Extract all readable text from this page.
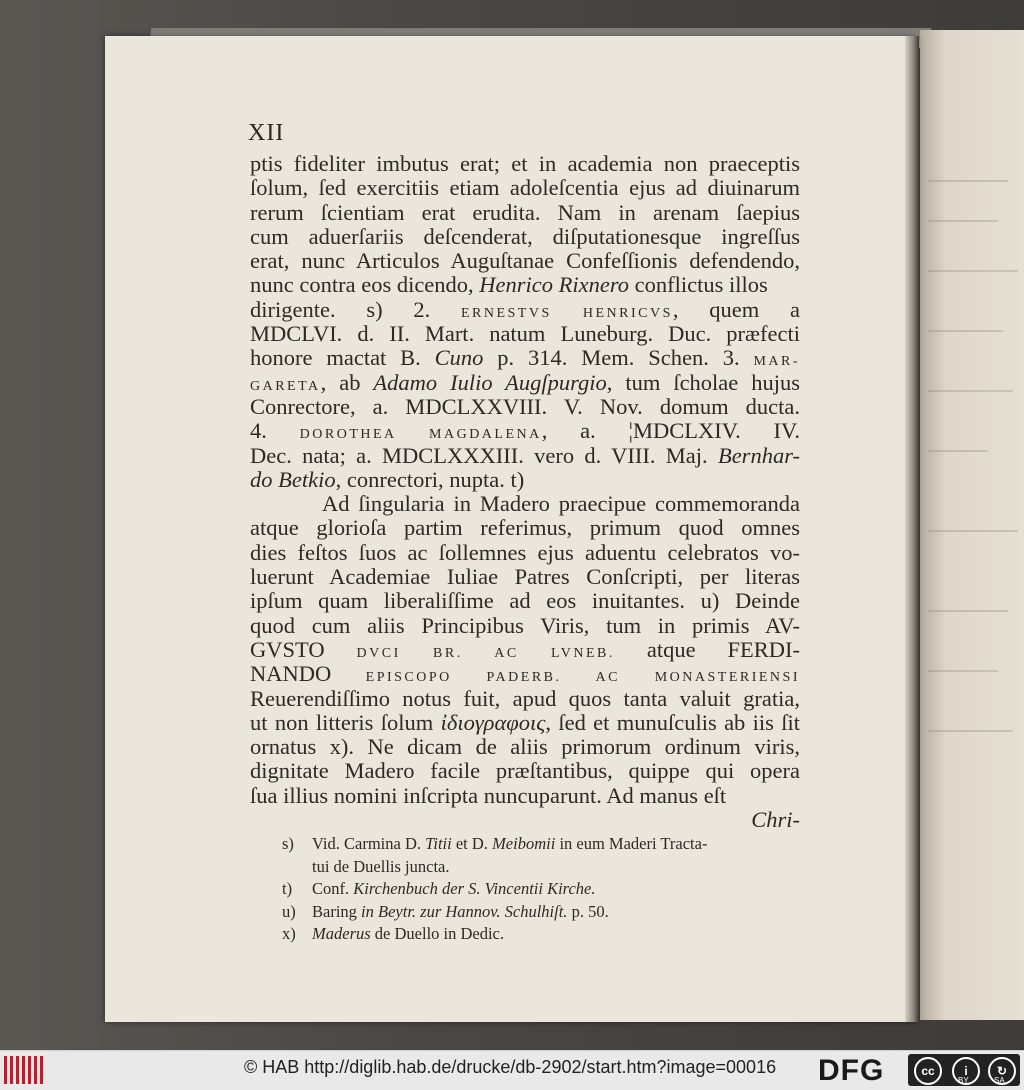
XII
ptis fideliter imbutus erat; et in academia non praeceptis
ſolum, ſed exercitiis etiam adoleſcentia ejus ad diuinarum
rerum ſcientiam erat erudita. Nam in arenam ſaepius
cum aduerſariis deſcenderat, diſputationesque ingreſſus
erat, nunc Articulos Auguſtanae Confeſſionis defendendo,
nunc contra eos dicendo, Henrico Rixnero conflictus illos
dirigente. s) 2. ERNESTVS HENRICVS, quem a
MDCLVI. d. II. Mart. natum Luneburg. Duc. præfecti
honore mactat B. Cuno p. 314. Mem. Schen. 3. MAR-
GARETA, ab Adamo Iulio Augſpurgio, tum ſcholae hujus
Conrectore, a. MDCLXXVIII. V. Nov. domum ducta.
4. DOROTHEA MAGDALENA, a. ¦MDCLXIV. IV.
Dec. nata; a. MDCLXXXIII. vero d. VIII. Maj. Bernhar-
do Betkio, conrectori, nupta. t)
Ad ſingularia in Madero praecipue commemoranda
atque glorioſa partim referimus, primum quod omnes
dies feſtos ſuos ac ſollemnes ejus aduentu celebratos vo-
luerunt Academiae Iuliae Patres Conſcripti, per literas
ipſum quam liberaliſſime ad eos inuitantes. u) Deinde
quod cum aliis Principibus Viris, tum in primis AV-
GVSTO DVCI BR. AC LVNEB. atque FERDI-
NANDO EPISCOPO PADERB. AC MONASTERIENSI
Reuerendiſſimo notus fuit, apud quos tanta valuit gratia,
ut non litteris ſolum ἰδιογραφοις, ſed et munuſculis ab iis ſit
ornatus x). Ne dicam de aliis primorum ordinum viris,
dignitate Madero facile præſtantibus, quippe qui opera
ſua illius nomini inſcripta nuncuparunt. Ad manus eſt
Chri-
s)	Vid. Carmina D. Titii et D. Meibomii in eum Maderi Tracta-
tui de Duellis juncta.
t)	Conf. Kirchenbuch der S. Vincentii Kirche.
u) Baring in Beytr. zur Hannov. Schulhiſt. p. 50.
x) Maderus de Duello in Dedic.
© HAB http://diglib.hab.de/drucke/db-2902/start.htm?image=00016 DFG	cc	i
BY
↻
SA
